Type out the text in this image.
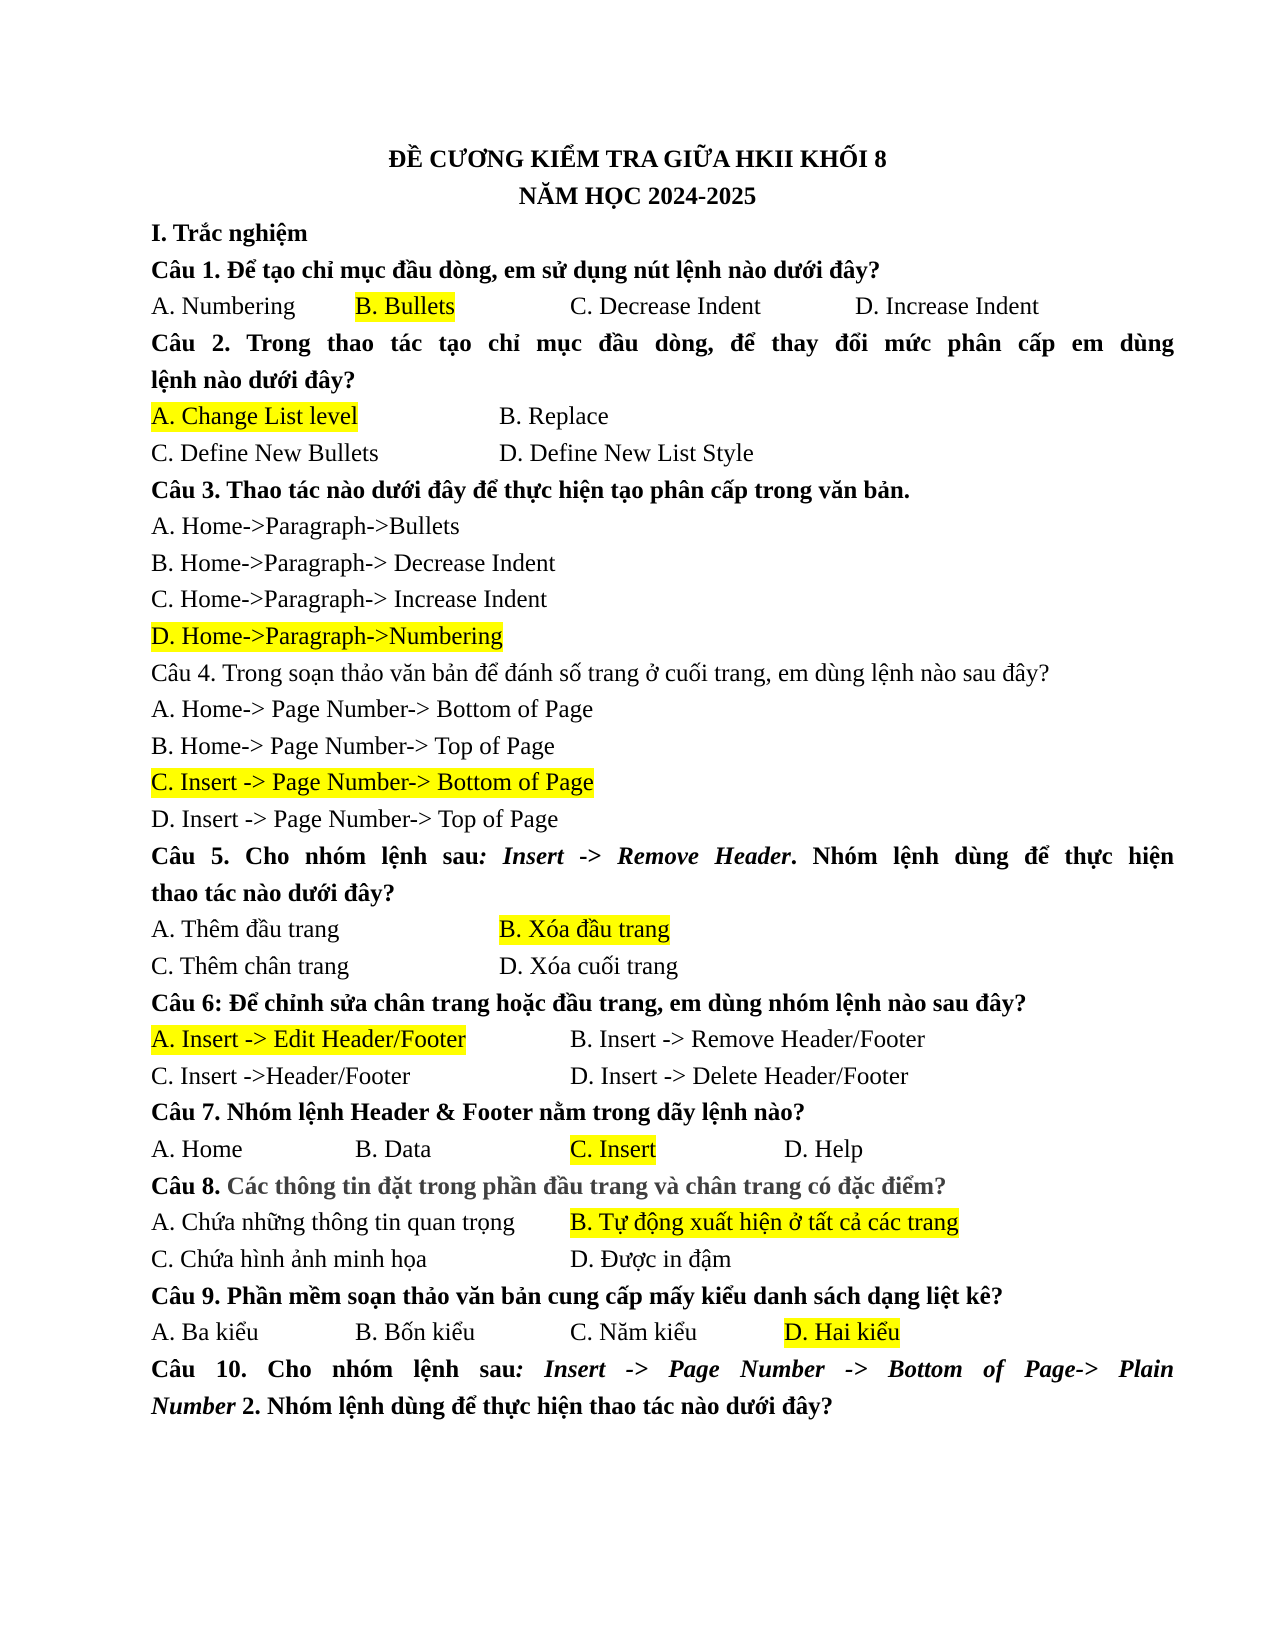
ĐỀ CƯƠNG KIỂM TRA GIỮA HKII KHỐI 8
NĂM HỌC 2024-2025
I. Trắc nghiệm
Câu 1. Để tạo chỉ mục đầu dòng, em sử dụng nút lệnh nào dưới đây?
A. Numbering B. Bullets	C. Decrease Indent	D. Increase Indent
Câu 2. Trong thao tác tạo chỉ mục đầu dòng, để thay đổi mức phân cấp em dùng
lệnh nào dưới đây?
A. Change List level	B. Replace
C. Define New Bullets	D. Define New List Style
Câu 3. Thao tác nào dưới đây để thực hiện tạo phân cấp trong văn bản.
A. Home->Paragraph->Bullets
B. Home->Paragraph-> Decrease Indent
C. Home->Paragraph-> Increase Indent
D. Home->Paragraph->Numbering
Câu 4. Trong soạn thảo văn bản để đánh số trang ở cuối trang, em dùng lệnh nào sau đây?
A. Home-> Page Number-> Bottom of Page
B. Home-> Page Number-> Top of Page
C. Insert -> Page Number-> Bottom of Page
D. Insert -> Page Number-> Top of Page
Câu 5. Cho nhóm lệnh sau: Insert -> Remove Header. Nhóm lệnh dùng để thực hiện
thao tác nào dưới đây?
A. Thêm đầu trang	B. Xóa đầu trang
C. Thêm chân trang	D. Xóa cuối trang
Câu 6: Để chỉnh sửa chân trang hoặc đầu trang, em dùng nhóm lệnh nào sau đây?
A. Insert -> Edit Header/Footer	B. Insert -> Remove Header/Footer
C. Insert ->Header/Footer	D. Insert -> Delete Header/Footer
Câu 7. Nhóm lệnh Header & Footer nằm trong dãy lệnh nào?
A. Home	B. Data	C. Insert	D. Help
Câu 8. Các thông tin đặt trong phần đầu trang và chân trang có đặc điểm?
A. Chứa những thông tin quan trọng B. Tự động xuất hiện ở tất cả các trang
C. Chứa hình ảnh minh họa	D. Được in đậm
Câu 9. Phần mềm soạn thảo văn bản cung cấp mấy kiểu danh sách dạng liệt kê?
A. Ba kiểu	B. Bốn kiểu	C. Năm kiểu	D. Hai kiểu
Câu 10. Cho nhóm lệnh sau: Insert -> Page Number -> Bottom of Page-> Plain
Number 2. Nhóm lệnh dùng để thực hiện thao tác nào dưới đây?
